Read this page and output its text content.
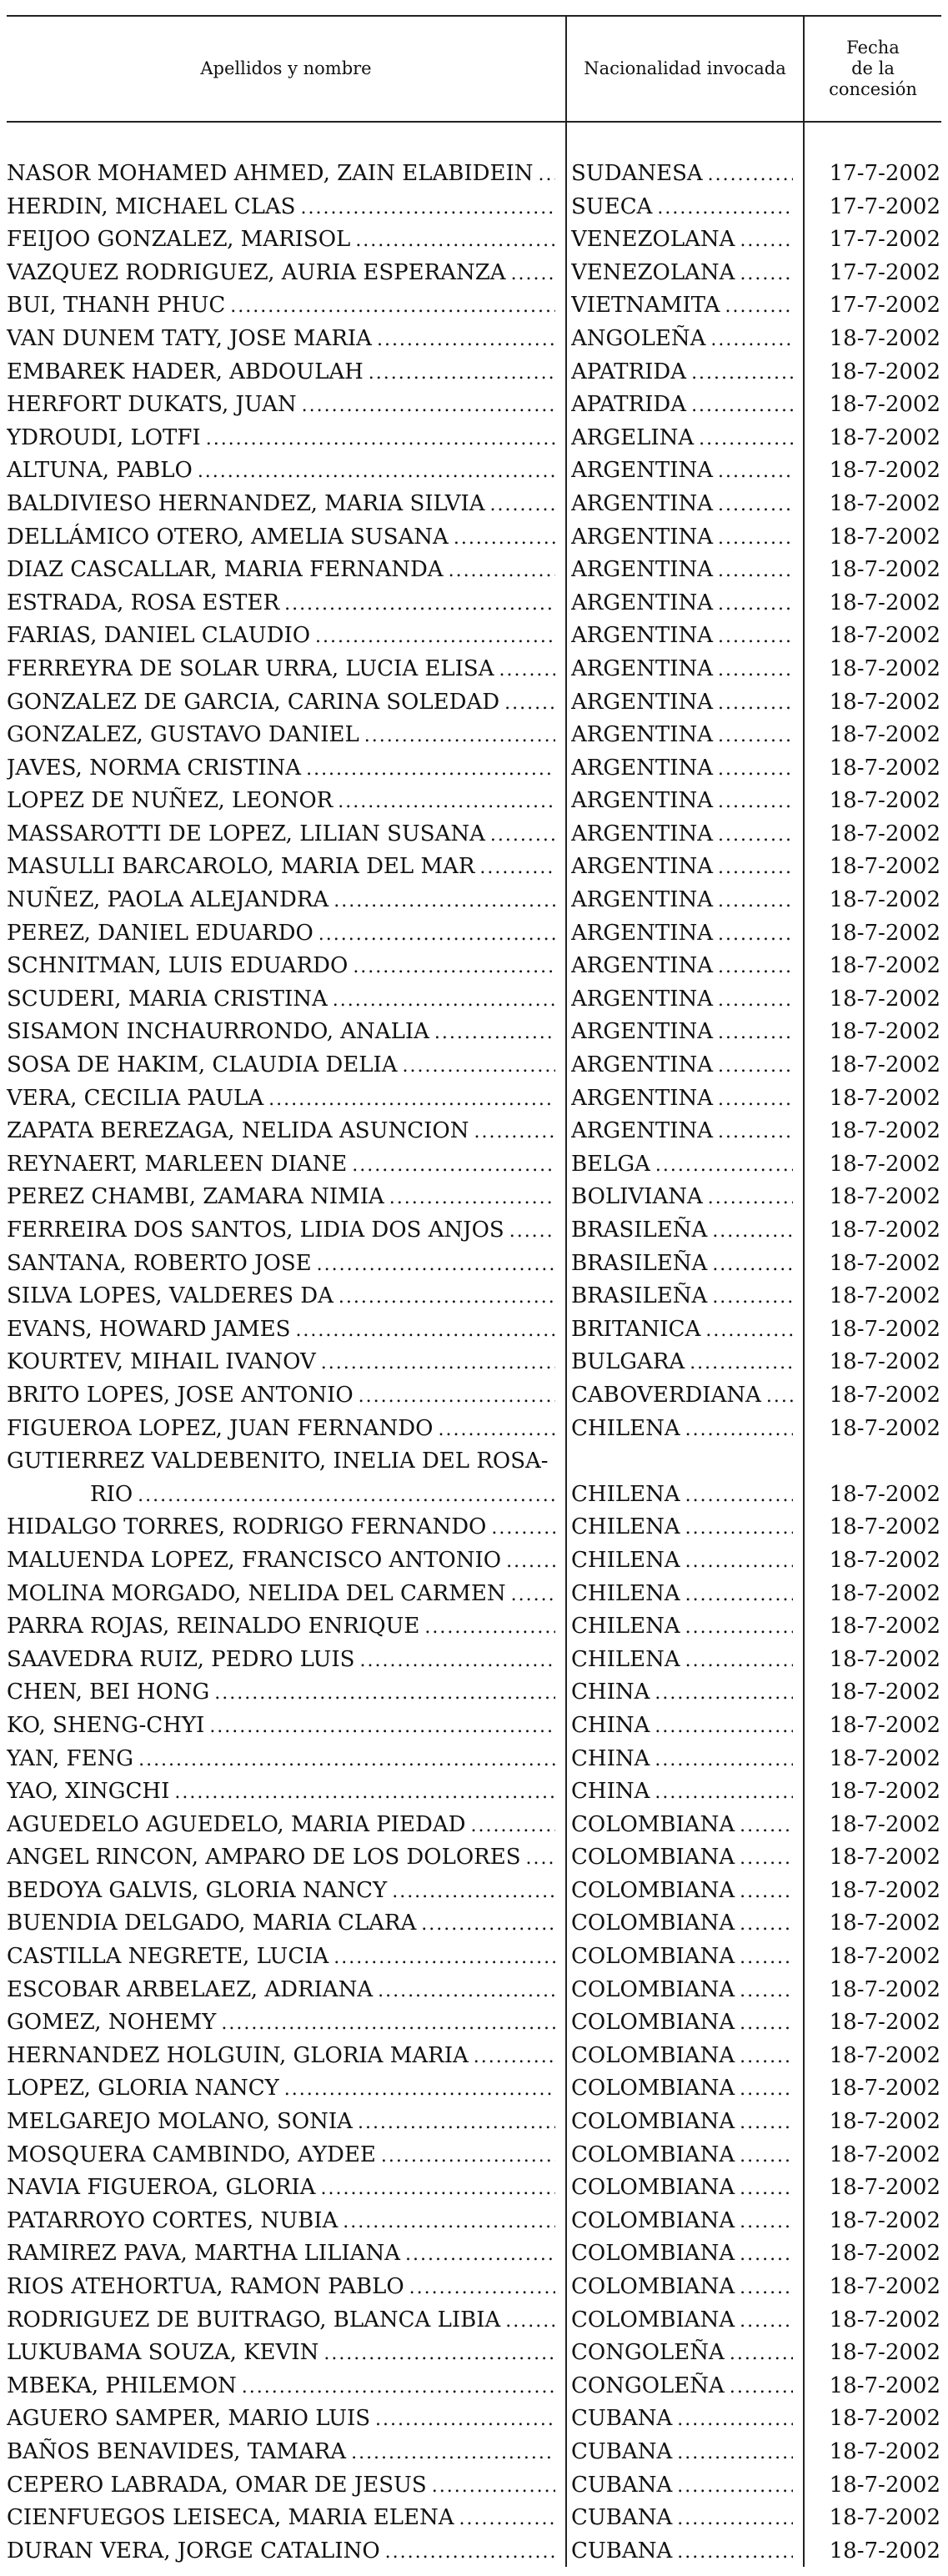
Apellidos y nombre	Nacionalidad invocada
Fecha
de la
concesión
NASOR MOHAMED AHMED, ZAIN ELABIDEIN ..... SUDANESA .....	17-7-2002
HERDIN, MICHAEL CLAS .....	SUECA .....	17-7-2002
FEIJOO GONZALEZ, MARISOL .....	VENEZOLANA .....	17-7-2002
VAZQUEZ RODRIGUEZ, AURIA ESPERANZA .....	VENEZOLANA .....	17-7-2002
BUI, THANH PHUC .....	VIETNAMITA .....	17-7-2002
VAN DUNEM TATY, JOSE MARIA .....	ANGOLEÑA .....	18-7-2002
EMBAREK HADER, ABDOULAH .....	APATRIDA .....	18-7-2002
HERFORT DUKATS, JUAN .....	APATRIDA .....	18-7-2002
YDROUDI, LOTFI .....	ARGELINA .....	18-7-2002
ALTUNA, PABLO .....	ARGENTINA .....	18-7-2002
BALDIVIESO HERNANDEZ, MARIA SILVIA .....	ARGENTINA .....	18-7-2002
DELLÁMICO OTERO, AMELIA SUSANA .....	ARGENTINA .....	18-7-2002
DIAZ CASCALLAR, MARIA FERNANDA .....	ARGENTINA .....	18-7-2002
ESTRADA, ROSA ESTER .....	ARGENTINA .....	18-7-2002
FARIAS, DANIEL CLAUDIO .....	ARGENTINA .....	18-7-2002
FERREYRA DE SOLAR URRA, LUCIA ELISA .....	ARGENTINA .....	18-7-2002
GONZALEZ DE GARCIA, CARINA SOLEDAD .....	ARGENTINA .....	18-7-2002
GONZALEZ, GUSTAVO DANIEL .....	ARGENTINA .....	18-7-2002
JAVES, NORMA CRISTINA .....	ARGENTINA .....	18-7-2002
LOPEZ DE NUÑEZ, LEONOR .....	ARGENTINA .....	18-7-2002
MASSAROTTI DE LOPEZ, LILIAN SUSANA .....	ARGENTINA .....	18-7-2002
MASULLI BARCAROLO, MARIA DEL MAR .....	ARGENTINA .....	18-7-2002
NUÑEZ, PAOLA ALEJANDRA .....	ARGENTINA .....	18-7-2002
PEREZ, DANIEL EDUARDO .....	ARGENTINA .....	18-7-2002
SCHNITMAN, LUIS EDUARDO .....	ARGENTINA .....	18-7-2002
SCUDERI, MARIA CRISTINA .....	ARGENTINA .....	18-7-2002
SISAMON INCHAURRONDO, ANALIA .....	ARGENTINA .....	18-7-2002
SOSA DE HAKIM, CLAUDIA DELIA .....	ARGENTINA .....	18-7-2002
VERA, CECILIA PAULA .....	ARGENTINA .....	18-7-2002
ZAPATA BEREZAGA, NELIDA ASUNCION .....	ARGENTINA .....	18-7-2002
REYNAERT, MARLEEN DIANE .....	BELGA .....	18-7-2002
PEREZ CHAMBI, ZAMARA NIMIA .....	BOLIVIANA .....	18-7-2002
FERREIRA DOS SANTOS, LIDIA DOS ANJOS .....	BRASILEÑA .....	18-7-2002
SANTANA, ROBERTO JOSE .....	BRASILEÑA .....	18-7-2002
SILVA LOPES, VALDERES DA .....	BRASILEÑA .....	18-7-2002
EVANS, HOWARD JAMES .....	BRITANICA .....	18-7-2002
KOURTEV, MIHAIL IVANOV .....	BULGARA .....	18-7-2002
BRITO LOPES, JOSE ANTONIO .....	CABOVERDIANA .....	18-7-2002
FIGUEROA LOPEZ, JUAN FERNANDO .....	CHILENA .....	18-7-2002
GUTIERREZ VALDEBENITO, INELIA DEL ROSA-
RIO .....	CHILENA .....	18-7-2002
HIDALGO TORRES, RODRIGO FERNANDO .....	CHILENA .....	18-7-2002
MALUENDA LOPEZ, FRANCISCO ANTONIO .....	CHILENA .....	18-7-2002
MOLINA MORGADO, NELIDA DEL CARMEN .....	CHILENA .....	18-7-2002
PARRA ROJAS, REINALDO ENRIQUE .....	CHILENA .....	18-7-2002
SAAVEDRA RUIZ, PEDRO LUIS .....	CHILENA .....	18-7-2002
CHEN, BEI HONG .....	CHINA .....	18-7-2002
KO, SHENG-CHYI .....	CHINA .....	18-7-2002
YAN, FENG .....	CHINA .....	18-7-2002
YAO, XINGCHI .....	CHINA .....	18-7-2002
AGUEDELO AGUEDELO, MARIA PIEDAD .....	COLOMBIANA .....	18-7-2002
ANGEL RINCON, AMPARO DE LOS DOLORES ..... COLOMBIANA .....	18-7-2002
BEDOYA GALVIS, GLORIA NANCY .....	COLOMBIANA .....	18-7-2002
BUENDIA DELGADO, MARIA CLARA .....	COLOMBIANA .....	18-7-2002
CASTILLA NEGRETE, LUCIA .....	COLOMBIANA .....	18-7-2002
ESCOBAR ARBELAEZ, ADRIANA .....	COLOMBIANA .....	18-7-2002
GOMEZ, NOHEMY .....	COLOMBIANA .....	18-7-2002
HERNANDEZ HOLGUIN, GLORIA MARIA .....	COLOMBIANA .....	18-7-2002
LOPEZ, GLORIA NANCY .....	COLOMBIANA .....	18-7-2002
MELGAREJO MOLANO, SONIA .....	COLOMBIANA .....	18-7-2002
MOSQUERA CAMBINDO, AYDEE .....	COLOMBIANA .....	18-7-2002
NAVIA FIGUEROA, GLORIA .....	COLOMBIANA .....	18-7-2002
PATARROYO CORTES, NUBIA .....	COLOMBIANA .....	18-7-2002
RAMIREZ PAVA, MARTHA LILIANA .....	COLOMBIANA .....	18-7-2002
RIOS ATEHORTUA, RAMON PABLO .....	COLOMBIANA .....	18-7-2002
RODRIGUEZ DE BUITRAGO, BLANCA LIBIA .....	COLOMBIANA .....	18-7-2002
LUKUBAMA SOUZA, KEVIN .....	CONGOLEÑA .....	18-7-2002
MBEKA, PHILEMON .....	CONGOLEÑA .....	18-7-2002
AGUERO SAMPER, MARIO LUIS .....	CUBANA .....	18-7-2002
BAÑOS BENAVIDES, TAMARA .....	CUBANA .....	18-7-2002
CEPERO LABRADA, OMAR DE JESUS .....	CUBANA .....	18-7-2002
CIENFUEGOS LEISECA, MARIA ELENA .....	CUBANA .....	18-7-2002
DURAN VERA, JORGE CATALINO .....	CUBANA .....	18-7-2002
